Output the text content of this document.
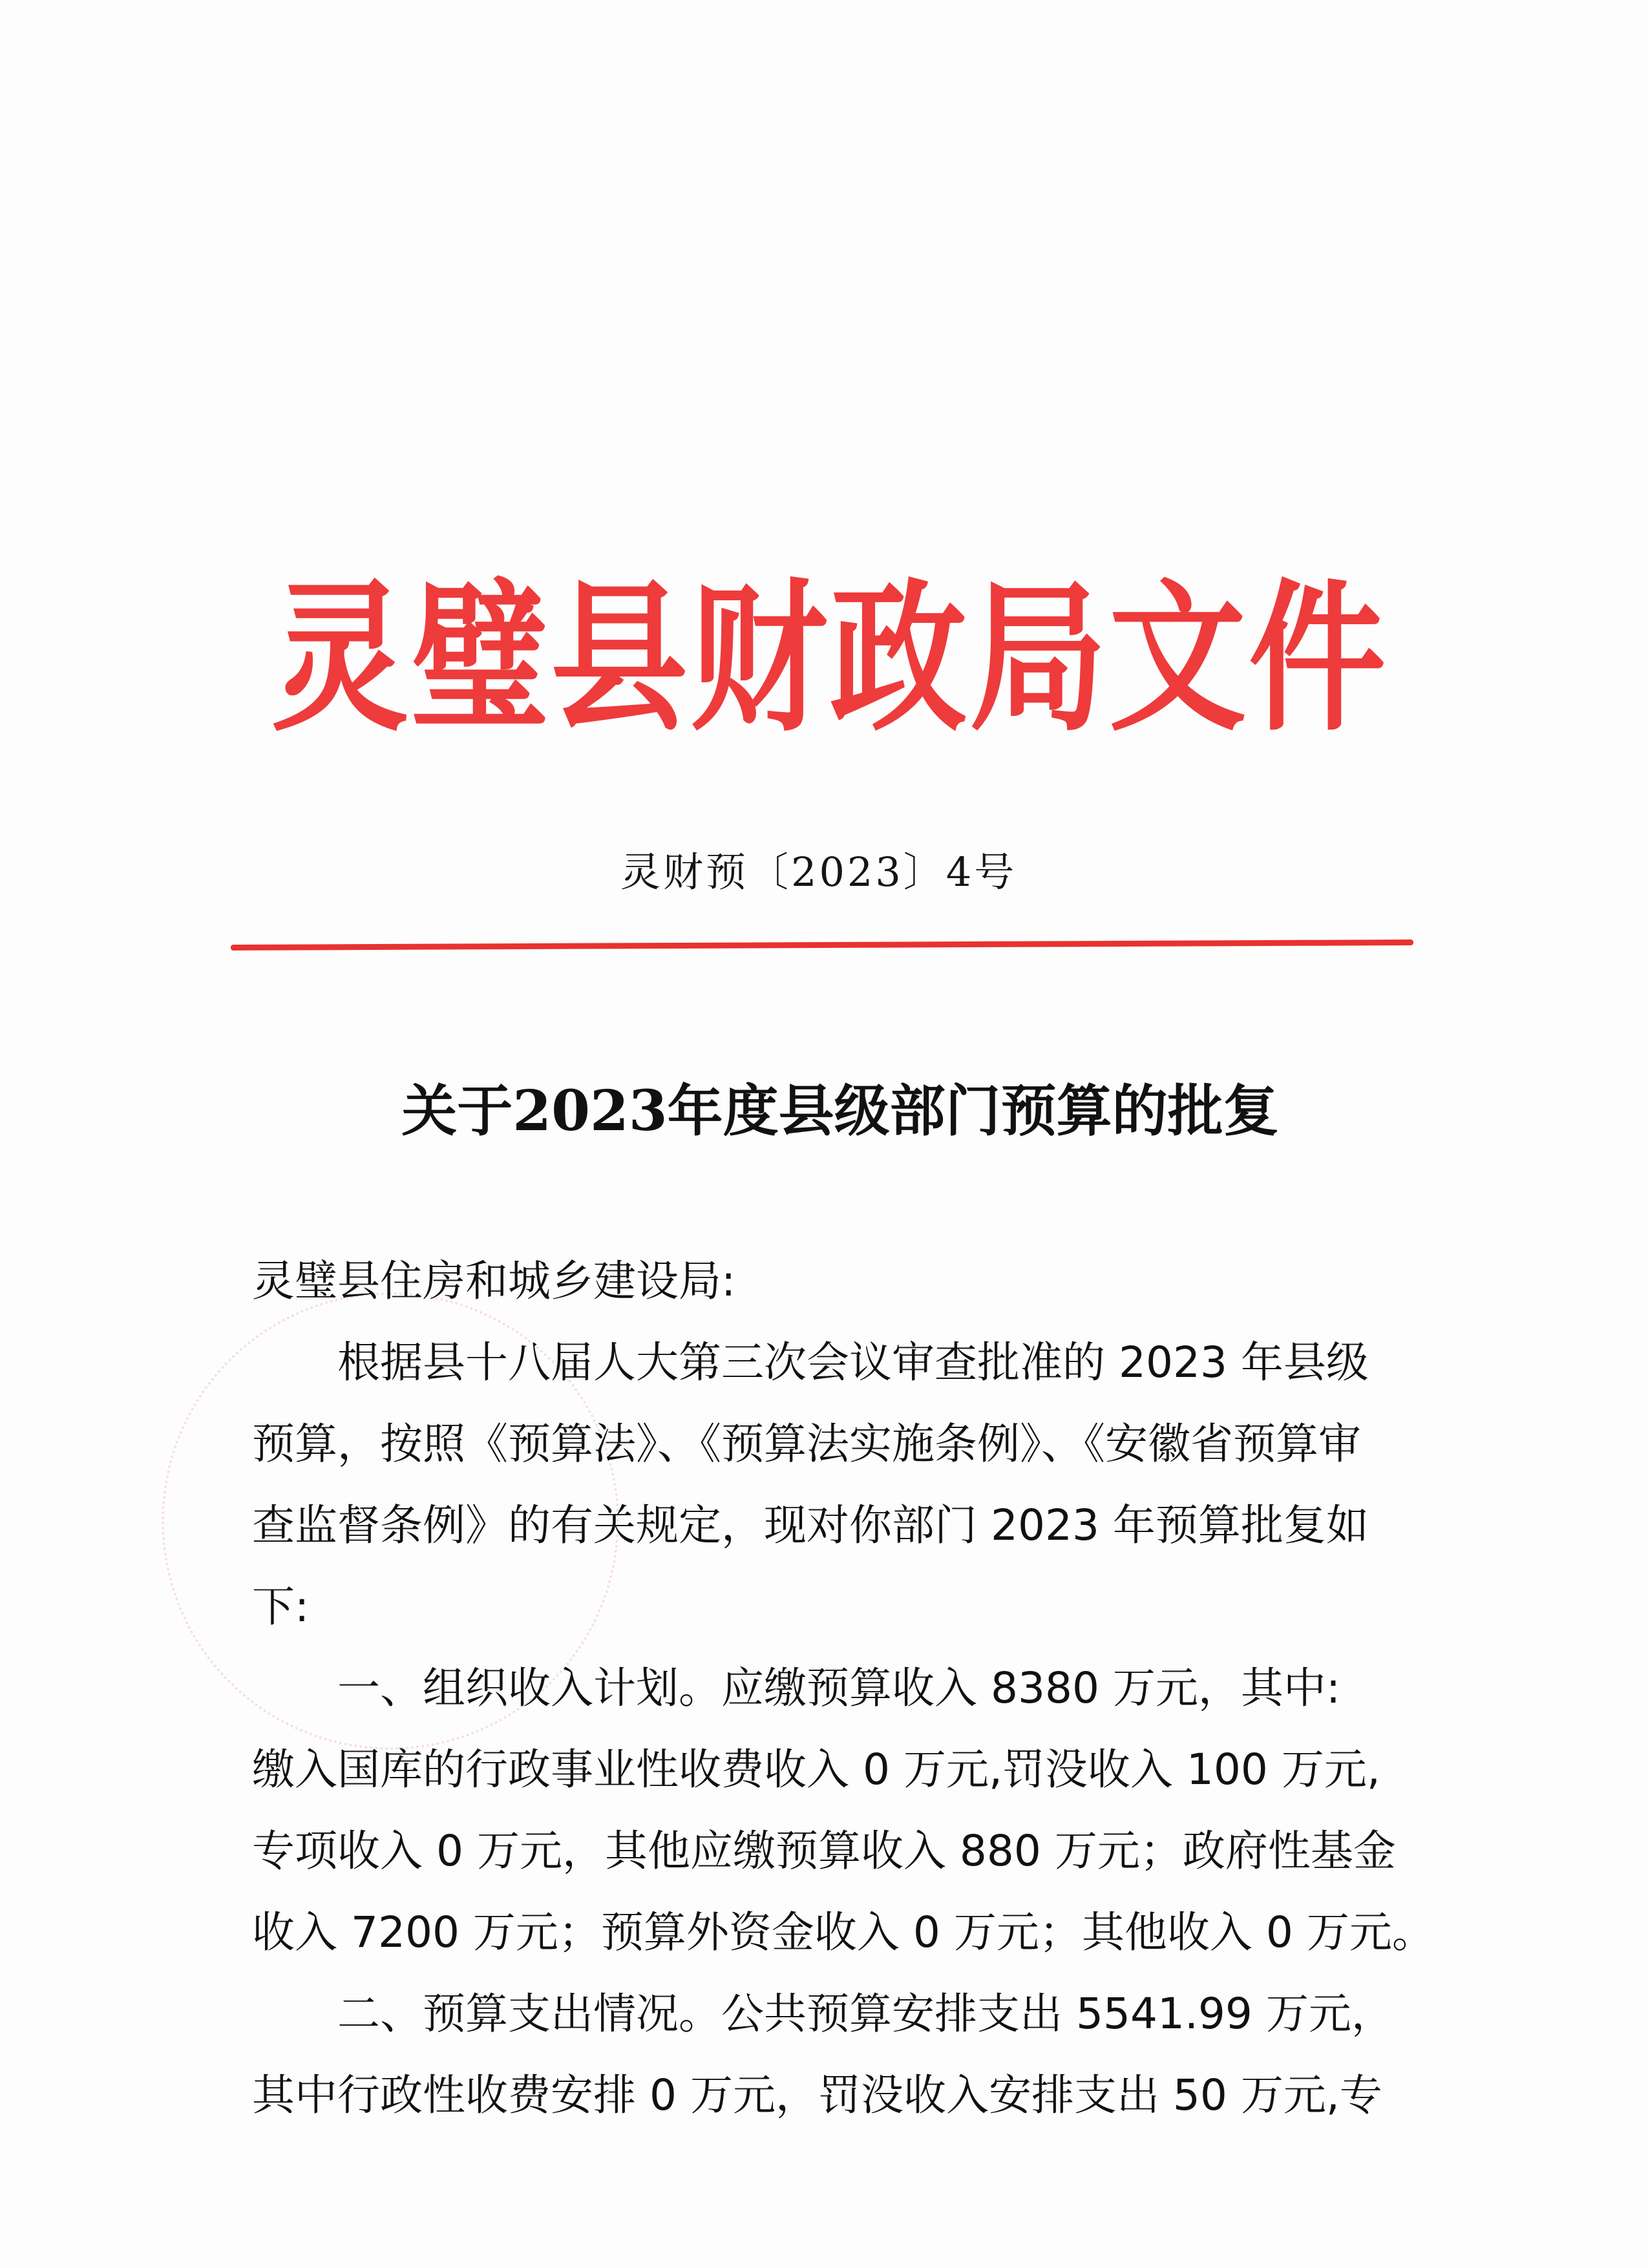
灵璧县财政局文件
灵财预〔2023〕4号
关于2023年度县级部门预算的批复

灵璧县住房和城乡建设局:

根据县十八届人大第三次会议审查批准的 2023 年县级
预算，按照《预算法》、《预算法实施条例》、《安徽省预算审
查监督条例》的有关规定，现对你部门 2023 年预算批复如
下:

一、组织收入计划。应缴预算收入 8380 万元，其中:
缴入国库的行政事业性收费收入 0 万元,罚没收入 100 万元,
专项收入 0 万元，其他应缴预算收入 880 万元；政府性基金
收入 7200 万元；预算外资金收入 0 万元；其他收入 0 万元。

二、预算支出情况。公共预算安排支出 5541.99 万元，
其中行政性收费安排 0 万元，罚没收入安排支出 50 万元,专
